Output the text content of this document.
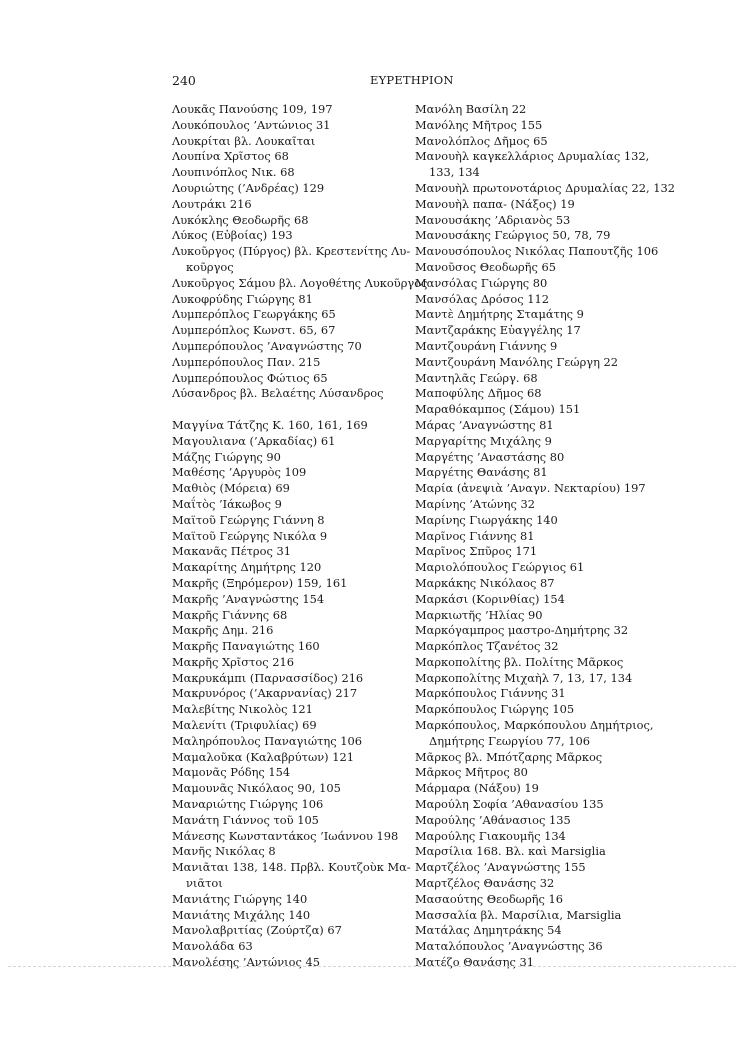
240	ΕΥΡΕΤΗΡΙΟΝ
Λουκᾶς Πανούσης 109, 197
Λουκόπουλος ’Αντώνιος 31
Λουκρίται βλ. Λουκαῖται
Λουπίνα Χρῖστος 68
Λουπινόπλος Νικ. 68
Λουριώτης (’Ανδρέας) 129
Λουτράκι 216
Λυκόκλης Θεοδωρῆς 68
Λύκος (Εὐβοίας) 193
Λυκοῦργος (Πύργος) βλ. Κρεστενίτης Λυ-
κοῦργος
Λυκοῦργος Σάμου βλ. Λογοθέτης Λυκοῦργος
Λυκοφρύδης Γιώργης 81
Λυμπερόπλος Γεωργάκης 65
Λυμπερόπλος Κωνστ. 65, 67
Λυμπερόπουλος ’Αναγνώστης 70
Λυμπερόπουλος Παν. 215
Λυμπερόπουλος Φώτιος 65
Λύσανδρος βλ. Βελαέτης Λύσανδρος
Μαγγίνα Τάτζης Κ. 160, 161, 169
Μαγουλιανα (’Αρκαδίας) 61
Μάζης Γιώργης 90
Μαθέσης ’Αργυρὸς 109
Μαθιὸς (Μόρεια) 69
Μαΐτὸς ’Ιάκωβος 9
Μαϊτοῦ Γεώργης Γιάννη 8
Μαϊτοῦ Γεώργης Νικόλα 9
Μακανᾶς Πέτρος 31
Μακαρίτης Δημήτρης 120
Μακρῆς (Ξηρόμερον) 159, 161
Μακρῆς ’Αναγνώστης 154
Μακρῆς Γιάννης 68
Μακρῆς Δημ. 216
Μακρῆς Παναγιώτης 160
Μακρῆς Χρῖστος 216
Μακρυκάμπι (Παρνασσίδος) 216
Μακρυνόρος (’Ακαρνανίας) 217
Μαλεβίτης Νικολὸς 121
Μαλενίτι (Τριφυλίας) 69
Μαληρόπουλος Παναγιώτης 106
Μαμαλοῦκα (Καλαβρύτων) 121
Μαμονᾶς Ρόδης 154
Μαμουνᾶς Νικόλαος 90, 105
Μαναριώτης Γιώργης 106
Μανάτη Γιάννος τοῦ 105
Μάνεσης Κωνσταντάκος ’Ιωάννου 198
Μανῆς Νικόλας 8
Μανιᾶται 138, 148. Πρβλ. Κουτζοὺκ Μα-
νιᾶτοι
Μανιάτης Γιώργης 140
Μανιάτης Μιχάλης 140
Μανολαβριτίας (Ζούρτζα) 67
Μανολάδα 63
Μανολέσης ’Αντώνιος 45
Μανόλη Βασίλη 22
Μανόλης Μῆτρος 155
Μανολόπλος Δῆμος 65
Μανουὴλ καγκελλάριος Δρυμαλίας 132,
133, 134
Μανουὴλ πρωτονοτάριος Δρυμαλίας 22, 132
Μανουὴλ παπα- (Νάξος) 19
Μανουσάκης ’Αδριανὸς 53
Μανουσάκης Γεώργιος 50, 78, 79
Μανουσόπουλος Νικόλας Παπουτζῆς 106
Μανοῦσος Θεοδωρῆς 65
Μανσόλας Γιώργης 80
Μανσόλας Δρόσος 112
Μαντὲ Δημήτρης Σταμάτης 9
Μαντζαράκης Εὐαγγέλης 17
Μαντζουράνη Γιάννης 9
Μαντζουράνη Μανόλης Γεώργη 22
Μαντηλᾶς Γεώργ. 68
Μαποφύλης Δῆμος 68
Μαραθόκαμπος (Σάμου) 151
Μάρας ’Αναγνώστης 81
Μαργαρίτης Μιχάλης 9
Μαργέτης ’Αναστάσης 80
Μαργέτης Θανάσης 81
Μαρία (ἀνεψιὰ ’Αναγν. Νεκταρίου) 197
Μαρίνης ’Ατώνης 32
Μαρίνης Γιωργάκης 140
Μαρῖνος Γιάννης 81
Μαρῖνος Σπῦρος 171
Μαριολόπουλος Γεώργιος 61
Μαρκάκης Νικόλαος 87
Μαρκάσι (Κορινθίας) 154
Μαρκιωτῆς ’Ηλίας 90
Μαρκόγαμπρος μαστρο-Δημήτρης 32
Μαρκόπλος Τζανέτος 32
Μαρκοπολίτης βλ. Πολίτης Μᾶρκος
Μαρκοπολίτης Μιχαὴλ 7, 13, 17, 134
Μαρκόπουλος Γιάννης 31
Μαρκόπουλος Γιώργης 105
Μαρκόπουλος, Μαρκόπουλου Δημήτριος,
Δημήτρης Γεωργίου 77, 106
Μᾶρκος βλ. Μπότζαρης Μᾶρκος
Μᾶρκος Μῆτρος 80
Μάρμαρα (Νάξου) 19
Μαρούλη Σοφία ’Αθανασίου 135
Μαρούλης ’Αθάνασιος 135
Μαρούλης Γιακουμῆς 134
Μαρσίλια 168. Βλ. καὶ Marsiglia
Μαρτζέλος ’Αναγνώστης 155
Μαρτζέλος Θανάσης 32
Μασαούτης Θεοδωρῆς 16
Μασσαλία βλ. Μαρσίλια, Marsiglia
Ματάλας Δημητράκης 54
Ματαλόπουλος ’Αναγνώστης 36
Ματέζο Θανάσης 31
